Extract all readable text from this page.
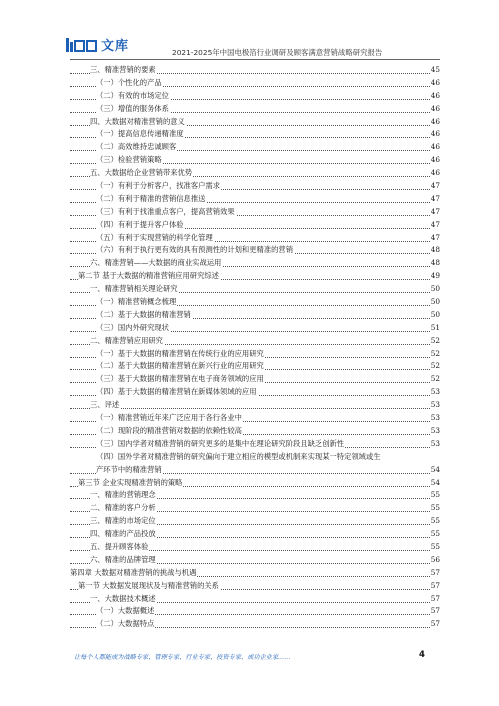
文库	2021-2025年中国电极箔行业调研及顾客满意营销战略研究报告
三、精准营销的要素	45
（一）个性化的产品	46
（二）有效的市场定位	46
（三）增值的服务体系	46
四、大数据对精准营销的意义	46
（一）提高信息传递精准度	46
（二）高效维持忠诚顾客	46
（三）检验营销策略	46
五、大数据给企业营销带来优势	46
（一）有利于分析客户，找准客户需求	47
（二）有利于精准的营销信息推送	47
（三）有利于找准重点客户，提高营销效果	47
（四）有利于提升客户体验	47
（五）有利于实现营销的科学化管理	47
（六）有利于执行更有效的具有预测性的计划和更精准的营销	48
六、精准营销——大数据的商业实战运用	48
第二节 基于大数据的精准营销应用研究综述	49
一、精准营销相关理论研究	50
（一）精准营销概念梳理	50
（二）基于大数据的精准营销	50
（三）国内外研究现状	51
二、精准营销应用研究	52
（一）基于大数据的精准营销在传统行业的应用研究	52
（二）基于大数据的精准营销在新兴行业的应用研究	52
（三）基于大数据的精准营销在电子商务领域的应用	52
（四）基于大数据的精准营销在新媒体领域的应用	53
三、评述	53
（一）精准营销近年来广泛应用于各行各业中	53
（二）现阶段的精准营销对数据的依赖性较高	53
（三）国内学者对精准营销的研究更多的是集中在理论研究阶段且缺乏创新性	53
（四）国外学者对精准营销的研究偏向于建立相应的模型或机制来实现某一特定领域或生
产环节中的精准营销	54
第三节 企业实现精准营销的策略	54
一、精准的营销理念	55
二、精准的客户分析	55
三、精准的市场定位	55
四、精准的产品投放	55
五、提升顾客体验	55
六、精准的品牌管理	56
第四章 大数据对精准营销的挑战与机遇	57
第一节 大数据发展现状及与精准营销的关系	57
一、大数据技术概述	57
（一）大数据概述	57
（二）大数据特点	57
让每个人都能成为战略专家、管理专家、行业专家、投资专家、成功企业家……	4
